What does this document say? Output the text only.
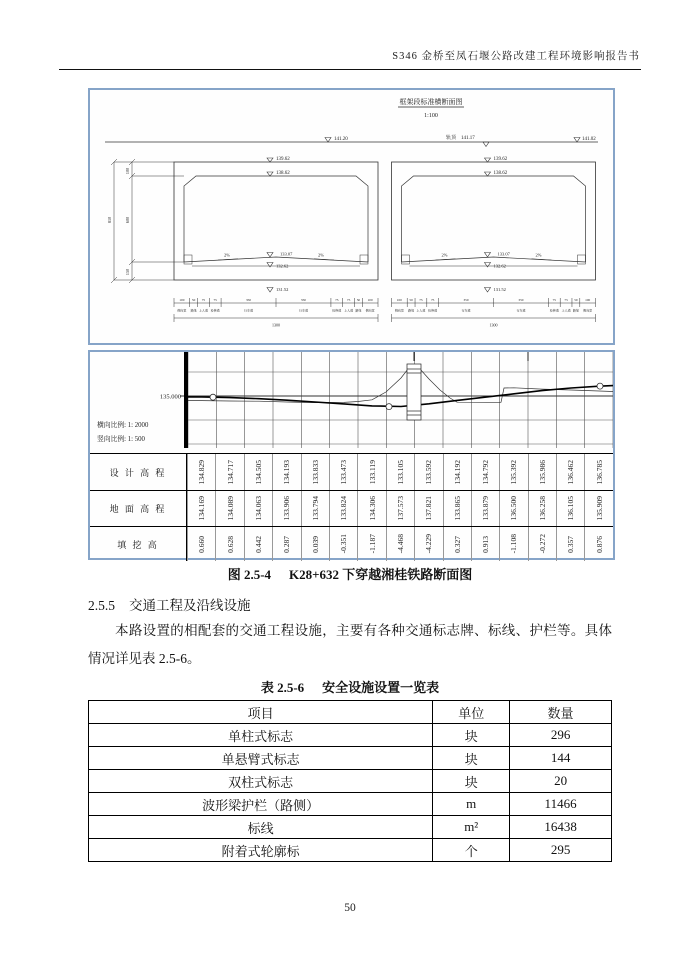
S346 金桥至凤石堰公路改建工程环境影响报告书
框架段标准横断面图
1:100
141.20	轨顶 141.17	141.02
139.62
138.62
2%	2%
133.07
132.62
131.52
100
600
810
150
100
侧向宽
50
路缘
75
上人道
75
检修道
350
行车道
350
行车道
75
检修道
75
上人道
50
路缘
100
侧向宽
1300
100
侧向宽
50
路缘
75
上人道
75
检修道
350
行车道
350
行车道
75
检修道
75
上人道
50
路缘
100
侧向宽
1300
135.000
横向比例: 1: 2000
竖向比例: 1: 500
设 计 高 程	134.829	134.717	134.505	134.193	133.833	133.473	133.119	133.105	133.592	134.192	134.792	135.392	135.986	136.462	136.785
地 面 高 程	134.169	134.089	134.063	133.906	133.794	133.824	134.306	137.573	137.821	133.865	133.879	136.500	136.258	136.105	135.909
填 挖 高	0.660	0.628	0.442	0.287	0.039	-0.351	-1.187	-4.468	-4.229	0.327	0.913	-1.108	-0.272	0.357	0.876
图 2.5-4 K28+632 下穿越湘桂铁路断面图
2.5.5 交通工程及沿线设施
本路设置的相配套的交通工程设施，主要有各种交通标志牌、标线、护栏等。具体情况详见表 2.5-6。
表 2.5-6 安全设施设置一览表
项目	单位	数量
单柱式标志	块	296
单悬臂式标志	块	144
双柱式标志	块	20
波形梁护栏（路侧）	m	11466
标线	m²	16438
附着式轮廓标	个	295
50
